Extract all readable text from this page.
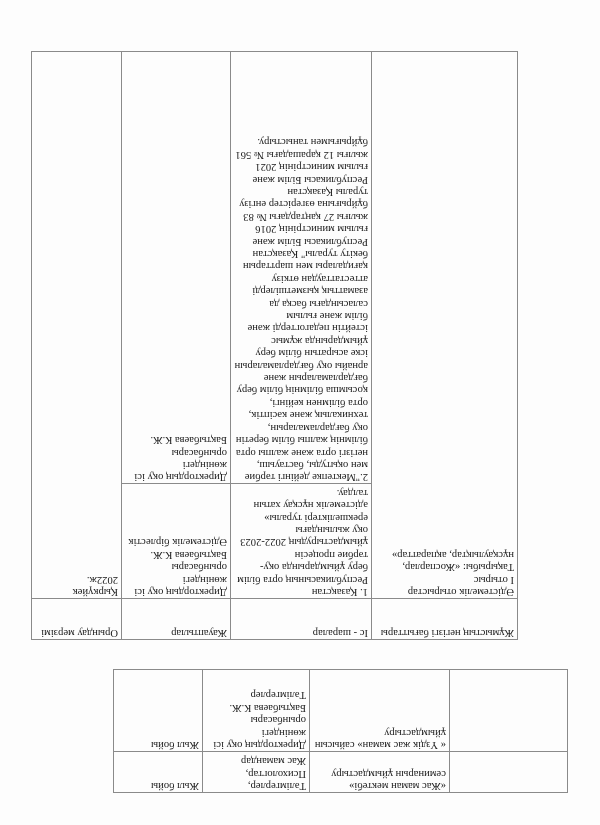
	«Жас маман мектебі» семинарын ұйымдастыру	Тәлімгерлер,
Психологтар,
Жас мамандар	Жыл бойы
	« Үздік жас маман» сайысын ұйымдастыру	Директордың оқу ісі жөніндегі орынбасары
Бақтыбаева К.Ж.
Тәлімгерлер	Жыл бойы
Жұмыстың негізгі бағыттары	Іс - шаралар	Жауаптылар	Орындау мерзімі
Әдістемелік отырыстар
I отырыс
Тақырыбы: «Жоспарлар, нұсқаулықтар, ақпараттар»	1. Қазақстан Республикасының орта білім беру ұйымдарында оқу-тәрбие процесін ұйымдастырудың 2022-2023 оқу жылындағы ерекшеліктері туралы» әдістемелік нұсқау хатын талдау.	Директордың оқу ісі жөніндегі орынбасары
Бақтыбаева К.Ж.
Әдістемелік бірлестік	Қыркүйек
2022ж.
	2."Мектепке дейінгі тәрбие мен оқытуды, бастауыш, негізгі орта және жалпы орта білімнің жалпы білім беретін оқу бағдарламаларын, техникалық және кәсіптік, орта білімнен кейінгі, қосымша білімнің білім беру бағдарламаларын және арнайы оқу бағдарламаларын іске асыратын білім беру ұйымдарында жұмыс істейтін педагогтерді және білім және ғылым саласындағы басқа да азаматтық қызметшілерді аттестаттаудан өткізу қағидалары мен шарттарын бекіту туралы" Қазақстан Республикасы Білім және ғылым министрінің 2016 жылғы 27 қаңтардағы № 83 бұйрығына өзгерістер енгізу туралы Қазақстан Республикасы Білім және ғылым министрінің 2021 жылғы 12 қарашадағы № 561 бұйрығымен таныстыру.	Директордың оқу ісі жөніндегі орынбасары
Бақтыбаева К.Ж.	
